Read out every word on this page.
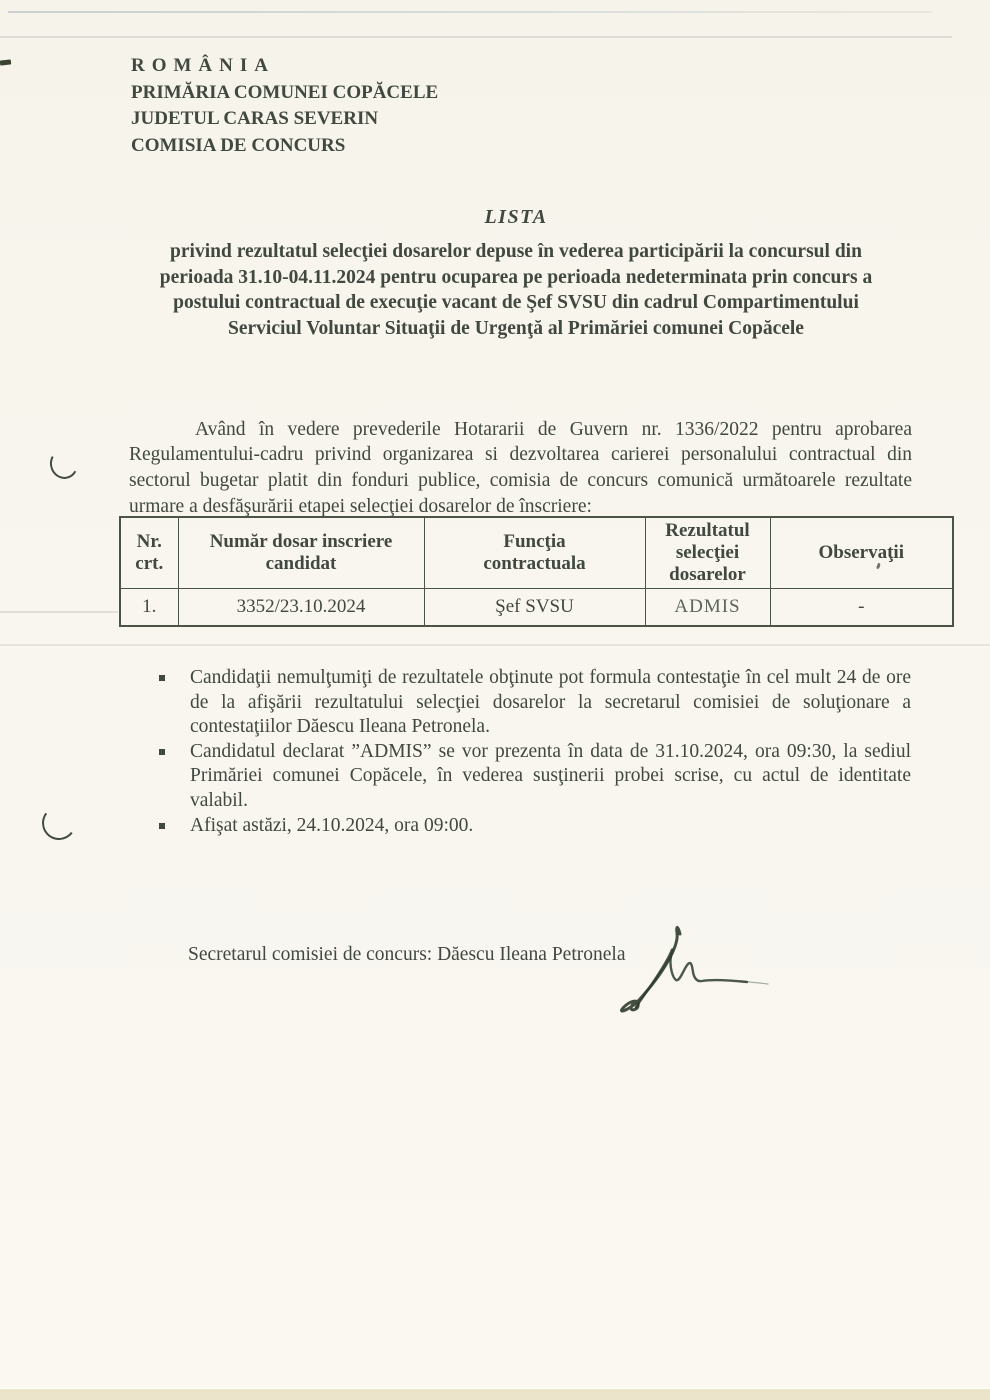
ROMÂNIA
PRIMĂRIA COMUNEI COPĂCELE
JUDETUL CARAS SEVERIN
COMISIA DE CONCURS
LISTA
privind rezultatul selecţiei dosarelor depuse în vederea participării la concursul din
perioada 31.10-04.11.2024 pentru ocuparea pe perioada nedeterminata prin concurs a
postului contractual de execuţie vacant de Şef SVSU din cadrul Compartimentului
Serviciul Voluntar Situaţii de Urgenţă al Primăriei comunei Copăcele

Având în vedere prevederile Hotararii de Guvern nr. 1336/2022 pentru aprobarea Regulamentului-cadru privind organizarea si dezvoltarea carierei personalului contractual din sectorul bugetar platit din fonduri publice, comisia de concurs comunică următoarele rezultate urmare a desfăşurării etapei selecţiei dosarelor de înscriere:

Nr. crt.	Număr dosar inscriere candidat	Funcţia contractuala	Rezultatul selecţiei dosarelor	Observaţii
1.	3352/23.10.2024	Şef SVSU	ADMIS	-
Candidaţii nemulţumiţi de rezultatele obţinute pot formula contestaţie în cel mult 24 de ore de la afişării rezultatului selecţiei dosarelor la secretarul comisiei de soluţionare a contestaţiilor Dăescu Ileana Petronela.
Candidatul declarat ”ADMIS” se vor prezenta în data de 31.10.2024, ora 09:30, la sediul Primăriei comunei Copăcele, în vederea susţinerii probei scrise, cu actul de identitate valabil.
Afişat astăzi, 24.10.2024, ora 09:00.
Secretarul comisiei de concurs: Dăescu Ileana Petronela
